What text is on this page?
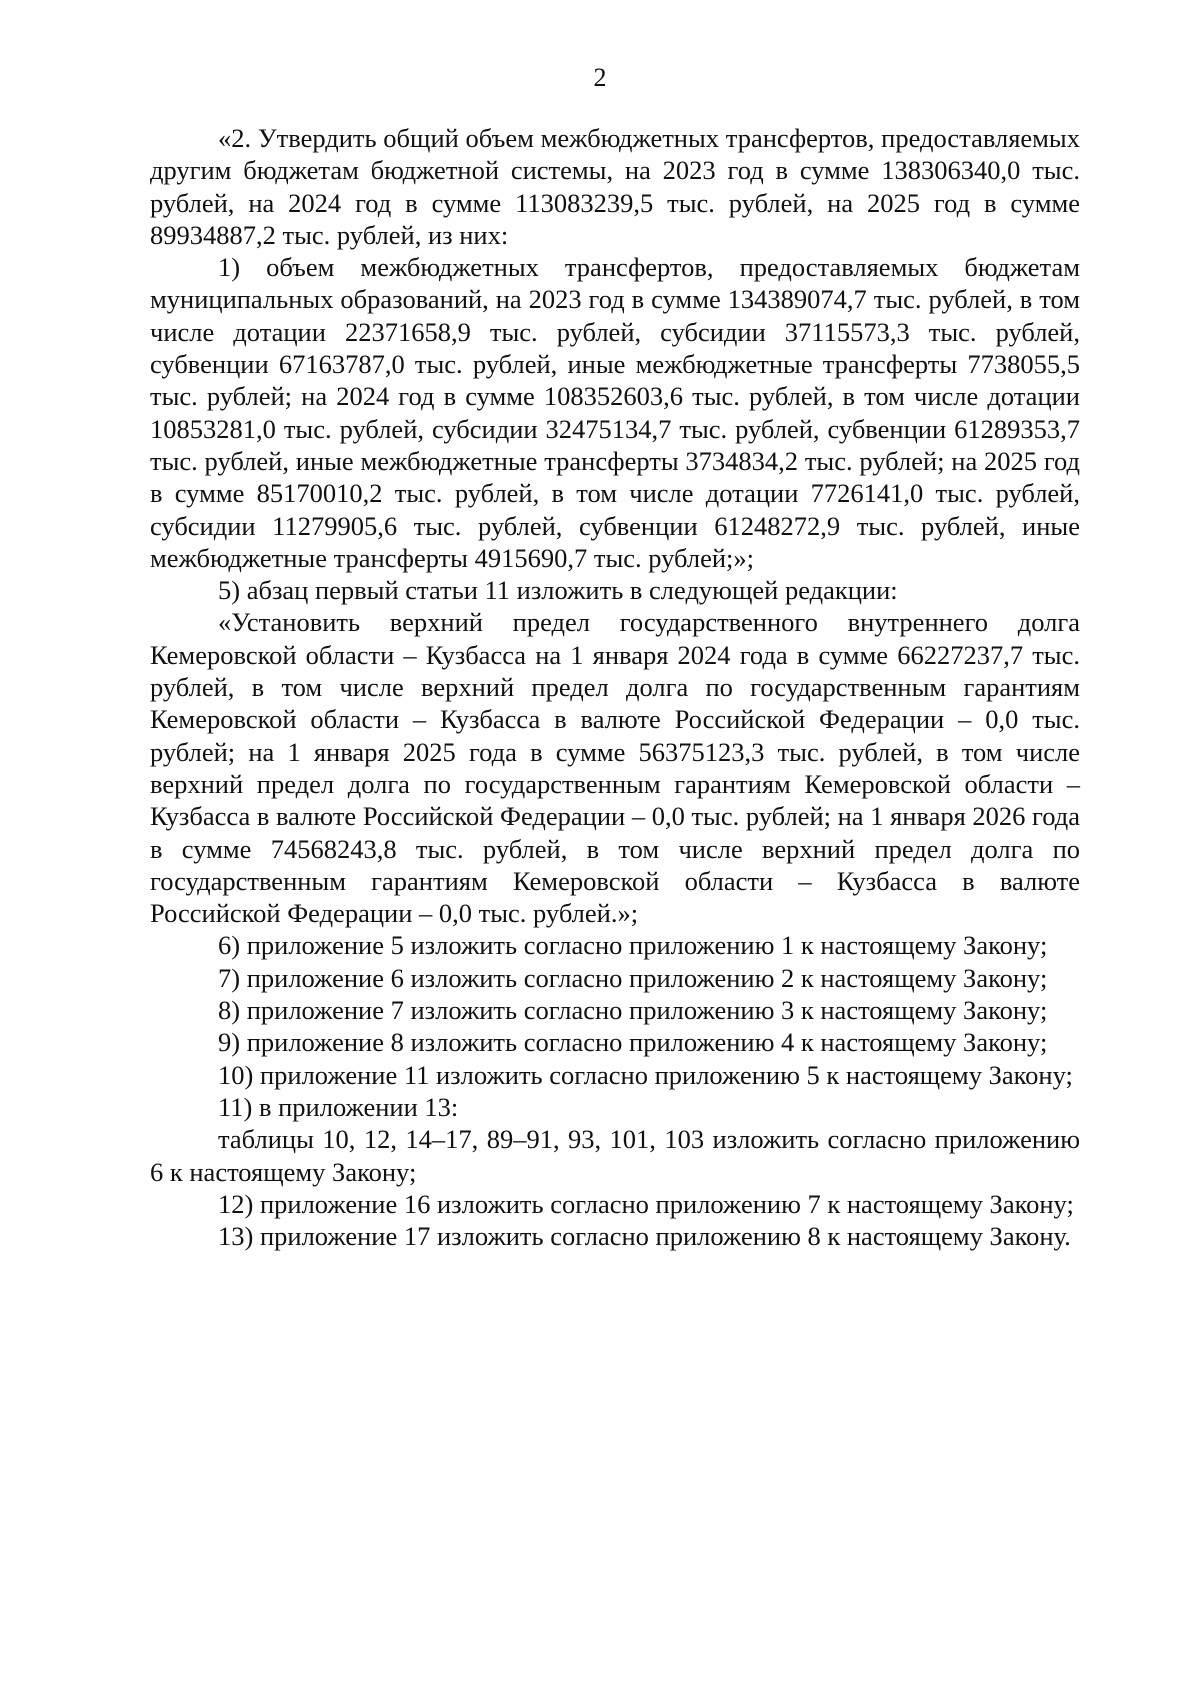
2

«2. Утвердить общий объем межбюджетных трансфертов, предоставляемых другим бюджетам бюджетной системы, на 2023 год в сумме 138306340,0 тыс. рублей, на 2024 год в сумме 113083239,5 тыс. рублей, на 2025 год в сумме 89934887,2 тыс. рублей, из них:

1) объем межбюджетных трансфертов, предоставляемых бюджетам муниципальных образований, на 2023 год в сумме 134389074,7 тыс. рублей, в том числе дотации 22371658,9 тыс. рублей, субсидии 37115573,3 тыс. рублей, субвенции 67163787,0 тыс. рублей, иные межбюджетные трансферты 7738055,5 тыс. рублей; на 2024 год в сумме 108352603,6 тыс. рублей, в том числе дотации 10853281,0 тыс. рублей, субсидии 32475134,7 тыс. рублей, субвенции 61289353,7 тыс. рублей, иные межбюджетные трансферты 3734834,2 тыс. рублей; на 2025 год в сумме 85170010,2 тыс. рублей, в том числе дотации 7726141,0 тыс. рублей, субсидии 11279905,6 тыс. рублей, субвенции 61248272,9 тыс. рублей, иные межбюджетные трансферты 4915690,7 тыс. рублей;»;

5) абзац первый статьи 11 изложить в следующей редакции:

«Установить верхний предел государственного внутреннего долга Кемеровской области – Кузбасса на 1 января 2024 года в сумме 66227237,7 тыс. рублей, в том числе верхний предел долга по государственным гарантиям Кемеровской области – Кузбасса в валюте Российской Федерации – 0,0 тыс. рублей; на 1 января 2025 года в сумме 56375123,3 тыс. рублей, в том числе верхний предел долга по государственным гарантиям Кемеровской области – Кузбасса в валюте Российской Федерации – 0,0 тыс. рублей; на 1 января 2026 года в сумме 74568243,8 тыс. рублей, в том числе верхний предел долга по государственным гарантиям Кемеровской области – Кузбасса в валюте Российской Федерации – 0,0 тыс. рублей.»;

6) приложение 5 изложить согласно приложению 1 к настоящему Закону;

7) приложение 6 изложить согласно приложению 2 к настоящему Закону;

8) приложение 7 изложить согласно приложению 3 к настоящему Закону;

9) приложение 8 изложить согласно приложению 4 к настоящему Закону;

10) приложение 11 изложить согласно приложению 5 к настоящему Закону;

11) в приложении 13:

таблицы 10, 12, 14–17, 89–91, 93, 101, 103 изложить согласно приложению 6 к настоящему Закону;

12) приложение 16 изложить согласно приложению 7 к настоящему Закону;

13) приложение 17 изложить согласно приложению 8 к настоящему Закону.
